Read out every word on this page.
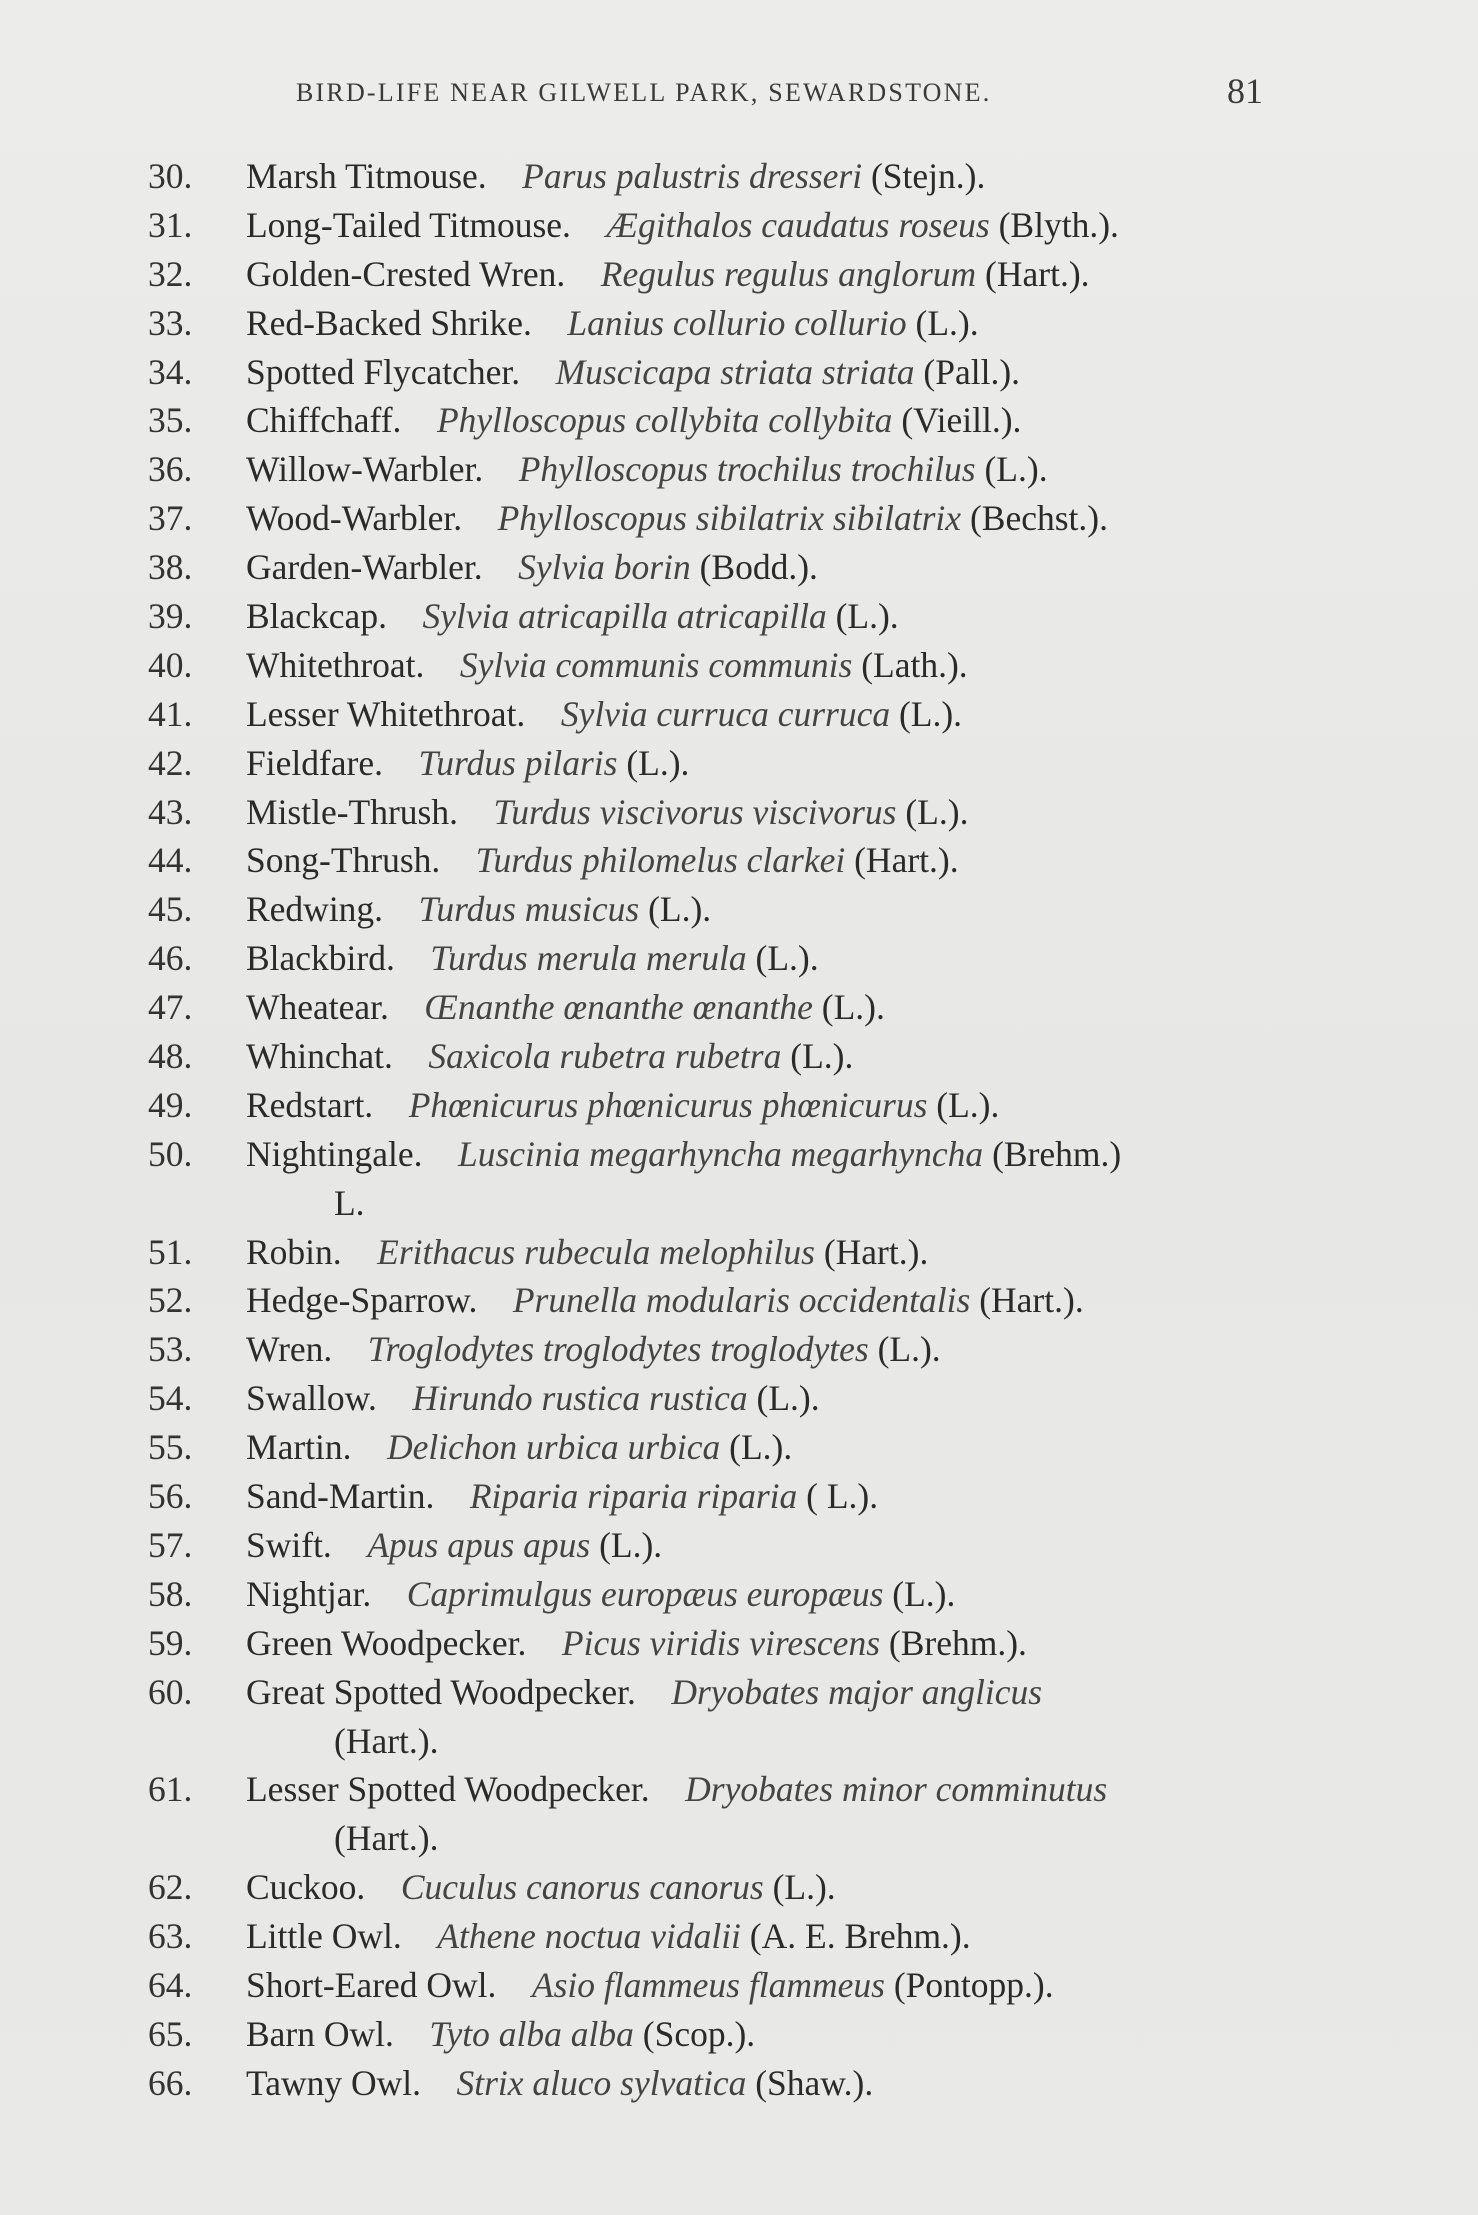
BIRD-LIFE NEAR GILWELL PARK, SEWARDSTONE.	81
30. Marsh Titmouse.  Parus palustris dresseri (Stejn.).
31. Long-Tailed Titmouse.  Ægithalos caudatus roseus (Blyth.).
32. Golden-Crested Wren.  Regulus regulus anglorum (Hart.).
33. Red-Backed Shrike.  Lanius collurio collurio (L.).
34. Spotted Flycatcher.  Muscicapa striata striata (Pall.).
35. Chiffchaff.  Phylloscopus collybita collybita (Vieill.).
36. Willow-Warbler.  Phylloscopus trochilus trochilus (L.).
37. Wood-Warbler.  Phylloscopus sibilatrix sibilatrix (Bechst.).
38. Garden-Warbler.  Sylvia borin (Bodd.).
39. Blackcap.  Sylvia atricapilla atricapilla (L.).
40. Whitethroat.  Sylvia communis communis (Lath.).
41. Lesser Whitethroat.  Sylvia curruca curruca (L.).
42. Fieldfare.  Turdus pilaris (L.).
43. Mistle-Thrush.  Turdus viscivorus viscivorus (L.).
44. Song-Thrush.  Turdus philomelus clarkei (Hart.).
45. Redwing.  Turdus musicus (L.).
46. Blackbird.  Turdus merula merula (L.).
47. Wheatear.  Œnanthe œnanthe œnanthe (L.).
48. Whinchat.  Saxicola rubetra rubetra (L.).
49. Redstart.  Phœnicurus phœnicurus phœnicurus (L.).
50. Nightingale.  Luscinia megarhyncha megarhyncha (Brehm.)
L.
51. Robin.  Erithacus rubecula melophilus (Hart.).
52. Hedge-Sparrow.  Prunella modularis occidentalis (Hart.).
53. Wren.  Troglodytes troglodytes troglodytes (L.).
54. Swallow.  Hirundo rustica rustica (L.).
55. Martin.  Delichon urbica urbica (L.).
56. Sand-Martin.  Riparia riparia riparia ( L.).
57. Swift.  Apus apus apus (L.).
58. Nightjar.  Caprimulgus europæus europæus (L.).
59. Green Woodpecker.  Picus viridis virescens (Brehm.).
60. Great Spotted Woodpecker.  Dryobates major anglicus
(Hart.).
61. Lesser Spotted Woodpecker.  Dryobates minor comminutus
(Hart.).
62. Cuckoo.  Cuculus canorus canorus (L.).
63. Little Owl.  Athene noctua vidalii (A. E. Brehm.).
64. Short-Eared Owl.  Asio flammeus flammeus (Pontopp.).
65. Barn Owl.  Tyto alba alba (Scop.).
66. Tawny Owl.  Strix aluco sylvatica (Shaw.).
